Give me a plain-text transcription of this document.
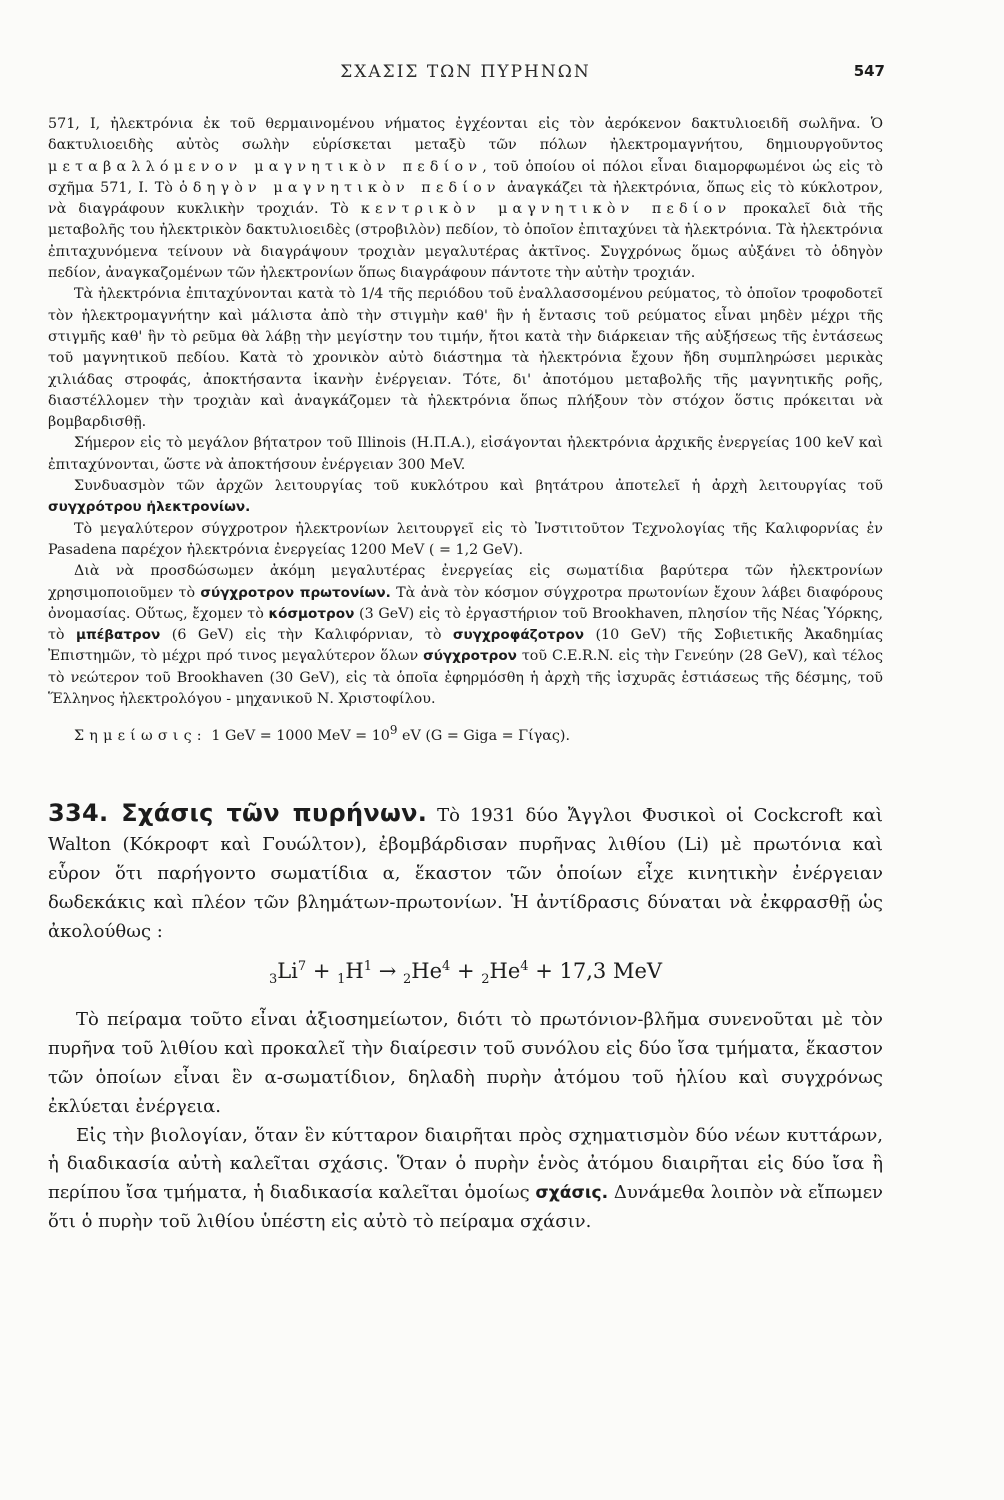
ΣΧΑΣΙΣ ΤΩΝ ΠΥΡΗΝΩΝ	547

571, Ι, ἠλεκτρόνια ἐκ τοῦ θερμαινομένου νήματος ἐγχέονται εἰς τὸν ἀερόκενον δακτυλιοειδῆ σωλῆνα. Ὁ δακτυλιοειδὴς αὐτὸς σωλὴν εὑρίσκεται μεταξὺ τῶν πόλων ἠλεκτρομαγνήτου, δημιουργοῦντος μεταβαλλόμενον μαγνητικὸν πεδίον, τοῦ ὁποίου οἱ πόλοι εἶναι διαμορφωμένοι ὡς εἰς τὸ σχῆμα 571, Ι. Τὸ ὁδηγὸν μαγνητικὸν πεδίον ἀναγκάζει τὰ ἠλεκτρόνια, ὅπως εἰς τὸ κύκλοτρον, νὰ διαγράφουν κυκλικὴν τροχιάν. Τὸ κεντρικὸν μαγνητικὸν πεδίον προκαλεῖ διὰ τῆς μεταβολῆς του ἠλεκτρικὸν δακτυλιοειδὲς (στροβιλὸν) πεδίον, τὸ ὁποῖον ἐπιταχύνει τὰ ἠλεκτρόνια. Τὰ ἠλεκτρόνια ἐπιταχυνόμενα τείνουν νὰ διαγράψουν τροχιὰν μεγαλυτέρας ἀκτῖνος. Συγχρόνως ὅμως αὐξάνει τὸ ὁδηγὸν πεδίον, ἀναγκαζομένων τῶν ἠλεκτρονίων ὅπως διαγράφουν πάντοτε τὴν αὐτὴν τροχιάν.

Τὰ ἠλεκτρόνια ἐπιταχύνονται κατὰ τὸ 1/4 τῆς περιόδου τοῦ ἐναλλασσομένου ρεύματος, τὸ ὁποῖον τροφοδοτεῖ τὸν ἠλεκτρομαγνήτην καὶ μάλιστα ἀπὸ τὴν στιγμὴν καθ' ἣν ἡ ἔντασις τοῦ ρεύματος εἶναι μηδὲν μέχρι τῆς στιγμῆς καθ' ἣν τὸ ρεῦμα θὰ λάβῃ τὴν μεγίστην του τιμήν, ἤτοι κατὰ τὴν διάρκειαν τῆς αὐξήσεως τῆς ἐντάσεως τοῦ μαγνητικοῦ πεδίου. Κατὰ τὸ χρονικὸν αὐτὸ διάστημα τὰ ἠλεκτρόνια ἔχουν ἤδη συμπληρώσει μερικὰς χιλιάδας στροφάς, ἀποκτήσαντα ἱκανὴν ἐνέργειαν. Τότε, δι' ἀποτόμου μεταβολῆς τῆς μαγνητικῆς ροῆς, διαστέλλομεν τὴν τροχιὰν καὶ ἀναγκάζομεν τὰ ἠλεκτρόνια ὅπως πλήξουν τὸν στόχον ὅστις πρόκειται νὰ βομβαρδισθῇ.

Σήμερον εἰς τὸ μεγάλον βήτατρον τοῦ Illinois (Η.Π.Α.), εἰσάγονται ἠλεκτρόνια ἀρχικῆς ἐνεργείας 100 keV καὶ ἐπιταχύνονται, ὥστε νὰ ἀποκτήσουν ἐνέργειαν 300 MeV.

Συνδυασμὸν τῶν ἀρχῶν λειτουργίας τοῦ κυκλότρου καὶ βητάτρου ἀποτελεῖ ἡ ἀρχὴ λειτουργίας τοῦ συγχρότρου ἠλεκτρονίων.

Τὸ μεγαλύτερον σύγχροτρον ἠλεκτρονίων λειτουργεῖ εἰς τὸ Ἰνστιτοῦτον Τεχνολογίας τῆς Καλιφορνίας ἐν Pasadena παρέχον ἠλεκτρόνια ἐνεργείας 1200 MeV ( = 1,2 GeV).

Διὰ νὰ προσδώσωμεν ἀκόμη μεγαλυτέρας ἐνεργείας εἰς σωματίδια βαρύτερα τῶν ἠλεκτρονίων χρησιμοποιοῦμεν τὸ σύγχροτρον πρωτονίων. Τὰ ἀνὰ τὸν κόσμον σύγχροτρα πρωτονίων ἔχουν λάβει διαφόρους ὀνομασίας. Οὕτως, ἔχομεν τὸ κόσμοτρον (3 GeV) εἰς τὸ ἐργαστήριον τοῦ Brookhaven, πλησίον τῆς Νέας Ὑόρκης, τὸ μπέβατρον (6 GeV) εἰς τὴν Καλιφόρνιαν, τὸ συγχροφάζοτρον (10 GeV) τῆς Σοβιετικῆς Ἀκαδημίας Ἐπιστημῶν, τὸ μέχρι πρό τινος μεγαλύτερον ὅλων σύγχροτρον τοῦ C.E.R.N. εἰς τὴν Γενεύην (28 GeV), καὶ τέλος τὸ νεώτερον τοῦ Brookhaven (30 GeV), εἰς τὰ ὁποῖα ἐφηρμόσθη ἡ ἀρχὴ τῆς ἰσχυρᾶς ἑστιάσεως τῆς δέσμης, τοῦ Ἕλληνος ἠλεκτρολόγου - μηχανικοῦ Ν. Χριστοφίλου.

Σημείωσις: 1 GeV = 1000 MeV = $10^9$ eV (G = Giga = Γίγας).

334. Σχάσις τῶν πυρήνων. Τὸ 1931 δύο Ἄγγλοι Φυσικοὶ οἱ Cockcroft καὶ Walton (Κόκροφτ καὶ Γουώλτον), ἐβομβάρδισαν πυρῆνας λιθίου (Li) μὲ πρωτόνια καὶ εὗρον ὅτι παρήγοντο σωματίδια α, ἕκαστον τῶν ὁποίων εἶχε κινητικὴν ἐνέργειαν δωδεκάκις καὶ πλέον τῶν βλημάτων-πρωτονίων. Ἡ ἀντίδρασις δύναται νὰ ἐκφρασθῇ ὡς ἀκολούθως :

$_3Li^7 + _1H^1 \to _2He^4 + _2He^4 + 17,3$ MeV

Τὸ πείραμα τοῦτο εἶναι ἀξιοσημείωτον, διότι τὸ πρωτόνιον-βλῆμα συνενοῦται μὲ τὸν πυρῆνα τοῦ λιθίου καὶ προκαλεῖ τὴν διαίρεσιν τοῦ συνόλου εἰς δύο ἴσα τμήματα, ἕκαστον τῶν ὁποίων εἶναι ἓν α-σωματίδιον, δηλαδὴ πυρὴν ἀτόμου τοῦ ἡλίου καὶ συγχρόνως ἐκλύεται ἐνέργεια.

Εἰς τὴν βιολογίαν, ὅταν ἓν κύτταρον διαιρῆται πρὸς σχηματισμὸν δύο νέων κυττάρων, ἡ διαδικασία αὐτὴ καλεῖται σχάσις. Ὅταν ὁ πυρὴν ἑνὸς ἀτόμου διαιρῆται εἰς δύο ἴσα ἢ περίπου ἴσα τμήματα, ἡ διαδικασία καλεῖται ὁμοίως σχάσις. Δυνάμεθα λοιπὸν νὰ εἴπωμεν ὅτι ὁ πυρὴν τοῦ λιθίου ὑπέστη εἰς αὐτὸ τὸ πείραμα σχάσιν.
